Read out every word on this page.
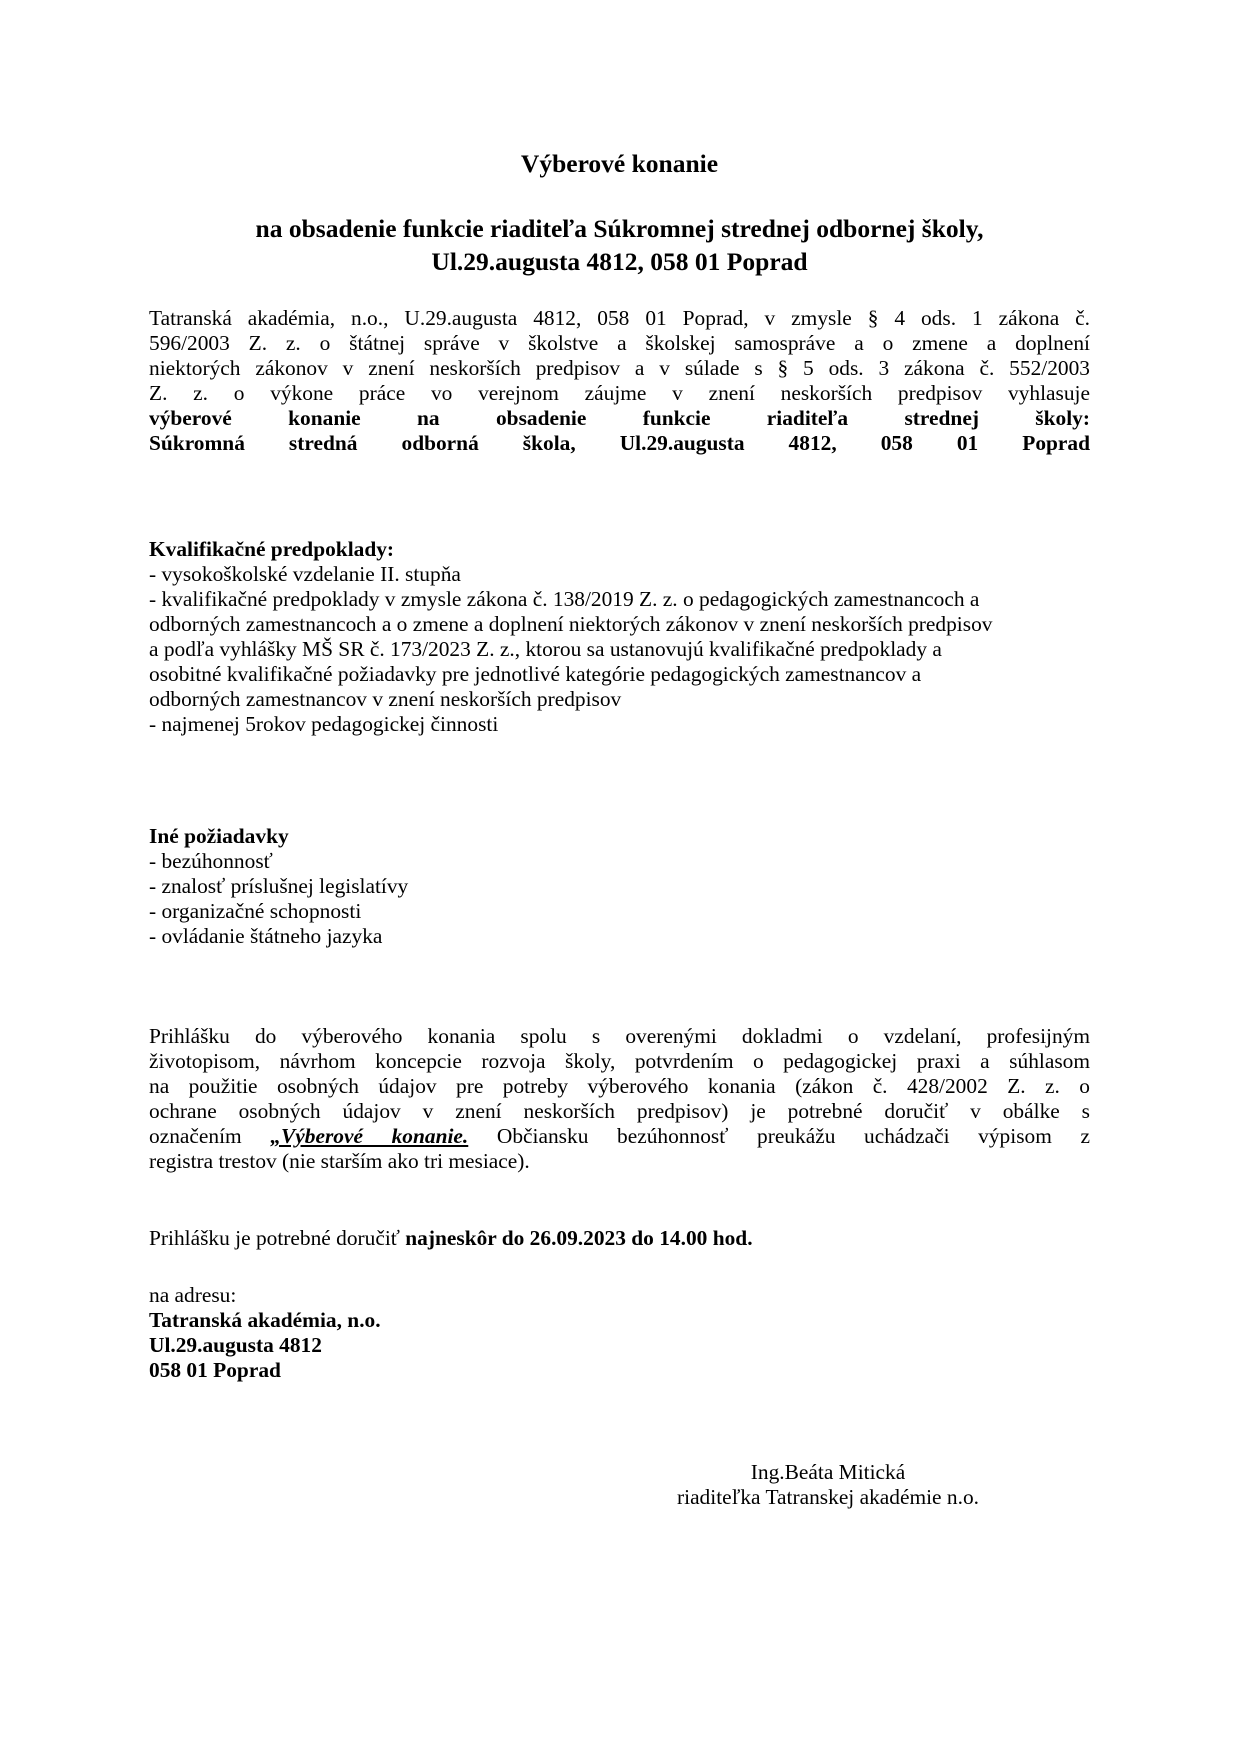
Výberové konanie
na obsadenie funkcie riaditeľa Súkromnej strednej odbornej školy,
Ul.29.augusta 4812, 058 01 Poprad
Tatranská akadémia, n.o., U.29.augusta 4812, 058 01 Poprad, v zmysle § 4 ods. 1 zákona č.
596/2003 Z. z. o štátnej správe v školstve a školskej samospráve a o zmene a doplnení
niektorých zákonov v znení neskorších predpisov a v súlade s § 5 ods. 3 zákona č. 552/2003
Z. z. o výkone práce vo verejnom záujme v znení neskorších predpisov vyhlasuje
výberové konanie na obsadenie funkcie riaditeľa strednej školy:
Súkromná stredná odborná škola, Ul.29.augusta 4812, 058 01 Poprad
Kvalifikačné predpoklady:
- vysokoškolské vzdelanie II. stupňa
- kvalifikačné predpoklady v zmysle zákona č. 138/2019 Z. z. o pedagogických zamestnancoch a
odborných zamestnancoch a o zmene a doplnení niektorých zákonov v znení neskorších predpisov
a podľa vyhlášky MŠ SR č. 173/2023 Z. z., ktorou sa ustanovujú kvalifikačné predpoklady a
osobitné kvalifikačné požiadavky pre jednotlivé kategórie pedagogických zamestnancov a
odborných zamestnancov v znení neskorších predpisov
- najmenej 5rokov pedagogickej činnosti
Iné požiadavky
- bezúhonnosť
- znalosť príslušnej legislatívy
- organizačné schopnosti
- ovládanie štátneho jazyka
Prihlášku do výberového konania spolu s overenými dokladmi o vzdelaní, profesijným
životopisom, návrhom koncepcie rozvoja školy, potvrdením o pedagogickej praxi a súhlasom
na použitie osobných údajov pre potreby výberového konania (zákon č. 428/2002 Z. z. o
ochrane osobných údajov v znení neskorších predpisov) je potrebné doručiť v obálke s
označením „Výberové konanie. Občiansku bezúhonnosť preukážu uchádzači výpisom z
registra trestov (nie starším ako tri mesiace).
Prihlášku je potrebné doručiť najneskôr do 26.09.2023 do 14.00 hod.
na adresu:
Tatranská akadémia, n.o.
Ul.29.augusta 4812
058 01 Poprad
Ing.Beáta Mitická
riaditeľka Tatranskej akadémie n.o.
